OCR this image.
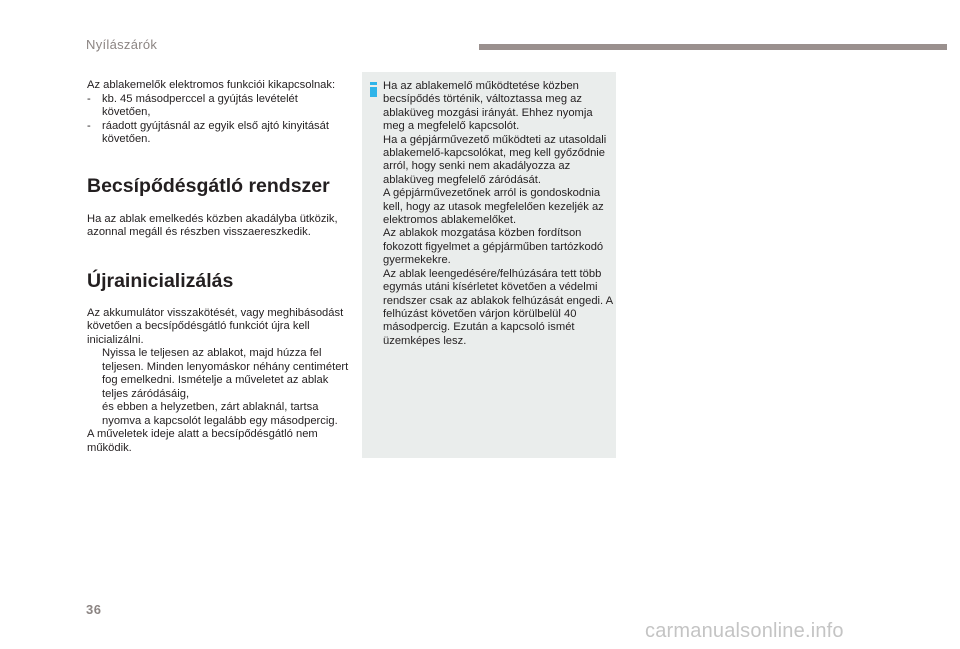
Nyílászárók

Az ablakemelők elektromos funkciói kikapcsolnak:

-	kb. 45 másodperccel a gyújtás levételét követően,
-	ráadott gyújtásnál az egyik első ajtó kinyitását követően.
Becsípődésgátló rendszer

Ha az ablak emelkedés közben akadályba ütközik, azonnal megáll és részben visszaereszkedik.

Újrainicializálás

Az akkumulátor visszakötését, vagy meghibásodást követően a becsípődésgátló funkciót újra kell inicializálni.

Nyissa le teljesen az ablakot, majd húzza fel teljesen. Minden lenyomáskor néhány centimétert fog emelkedni. Ismételje a műveletet az ablak teljes záródásáig,
és ebben a helyzetben, zárt ablaknál, tartsa nyomva a kapcsolót legalább egy másodpercig.

A műveletek ideje alatt a becsípődésgátló nem működik.

Ha az ablakemelő működtetése közben becsípődés történik, változtassa meg az ablaküveg mozgási irányát. Ehhez nyomja meg a megfelelő kapcsolót.

Ha a gépjárművezető működteti az utasoldali ablakemelő-kapcsolókat, meg kell győződnie arról, hogy senki nem akadályozza az ablaküveg megfelelő záródását.

A gépjárművezetőnek arról is gondoskodnia kell, hogy az utasok megfelelően kezeljék az elektromos ablakemelőket.

Az ablakok mozgatása közben fordítson fokozott figyelmet a gépjárműben tartózkodó gyermekekre.

Az ablak leengedésére/felhúzására tett több egymás utáni kísérletet követően a védelmi rendszer csak az ablakok felhúzását engedi. A felhúzást követően várjon körülbelül 40 másodpercig. Ezután a kapcsoló ismét üzemképes lesz.

36
carmanualsonline.info
